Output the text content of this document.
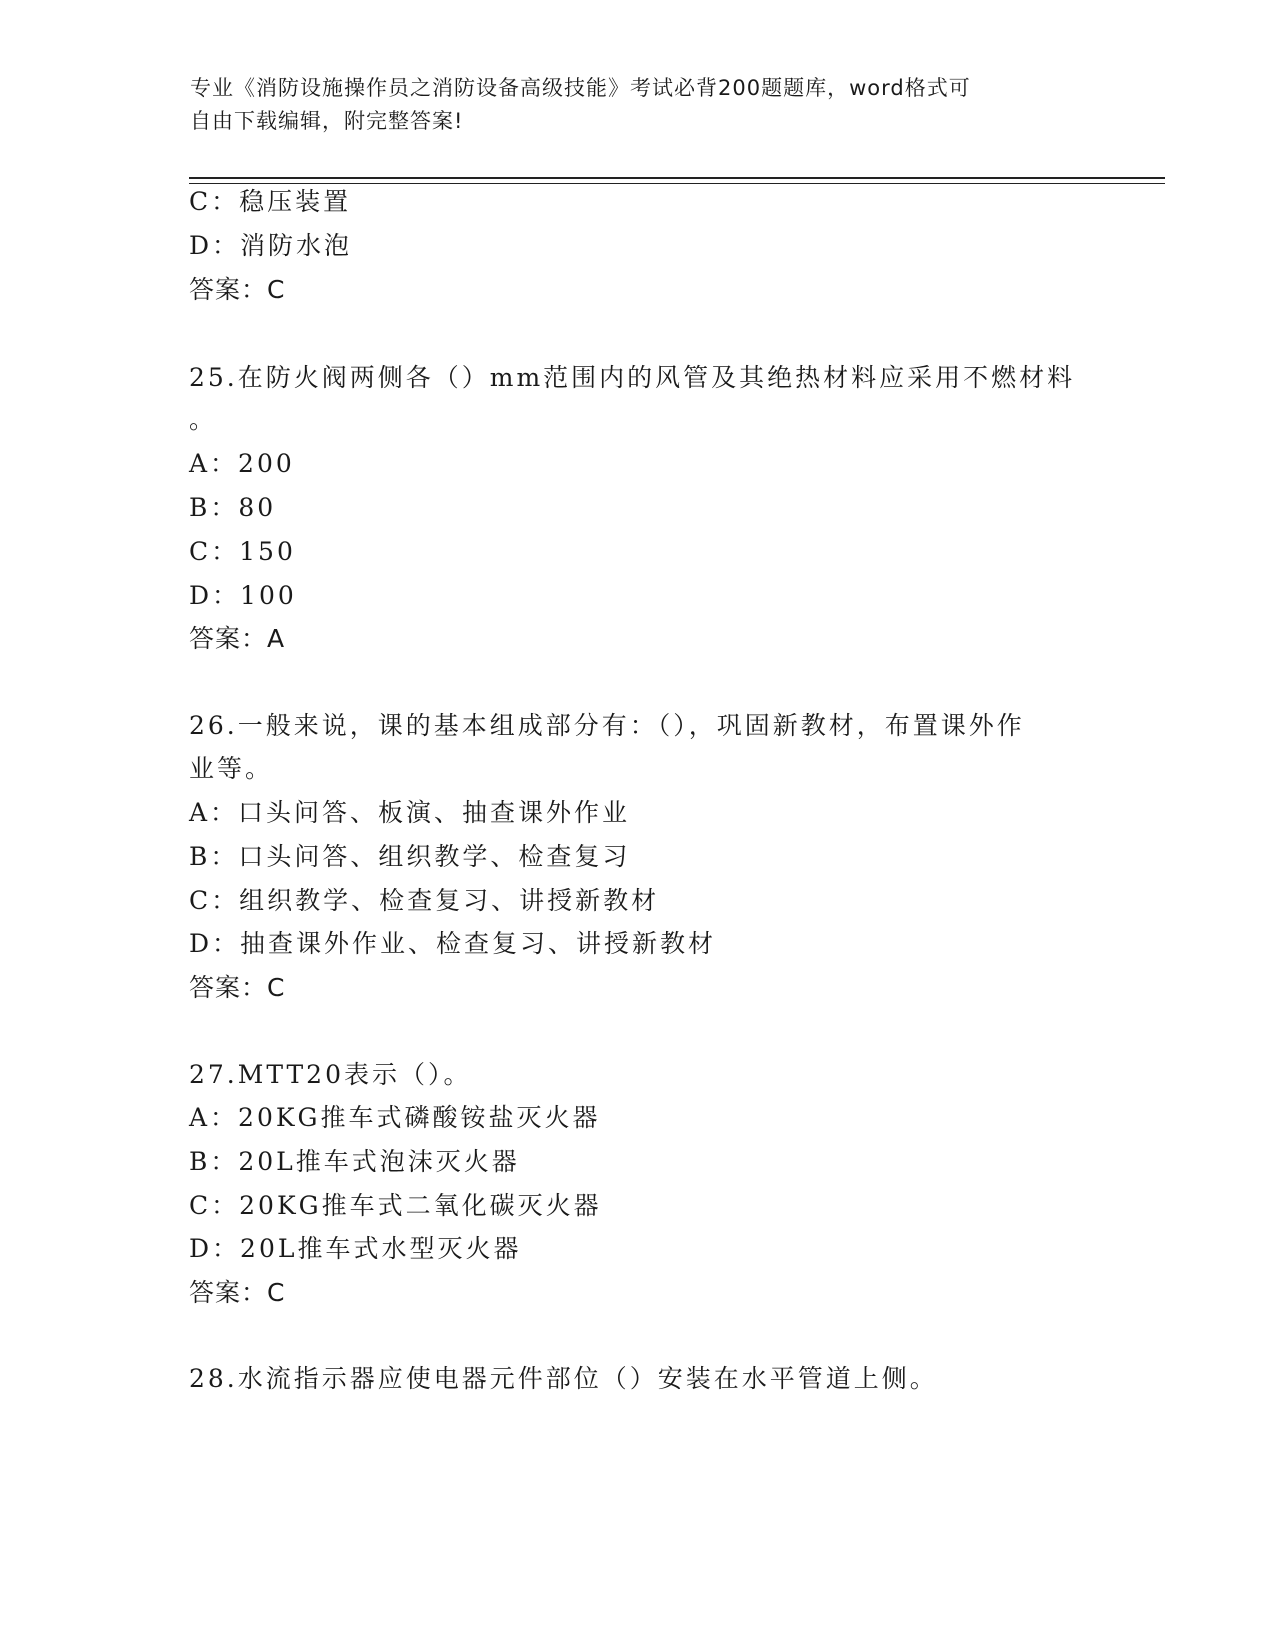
专业《消防设施操作员之消防设备高级技能》考试必背200题题库，word格式可
自由下载编辑，附完整答案!
C：稳压装置
D：消防水泡
答案：C
25.在防火阀两侧各（）mm范围内的风管及其绝热材料应采用不燃材料
。
A：200
B：80
C：150
D：100
答案：A
26.一般来说，课的基本组成部分有：（），巩固新教材，布置课外作
业等。
A：口头问答、板演、抽查课外作业
B：口头问答、组织教学、检查复习
C：组织教学、检查复习、讲授新教材
D：抽查课外作业、检查复习、讲授新教材
答案：C
27.MTT20表示（）。
A：20KG推车式磷酸铵盐灭火器
B：20L推车式泡沫灭火器
C：20KG推车式二氧化碳灭火器
D：20L推车式水型灭火器
答案：C
28.水流指示器应使电器元件部位（）安装在水平管道上侧。
